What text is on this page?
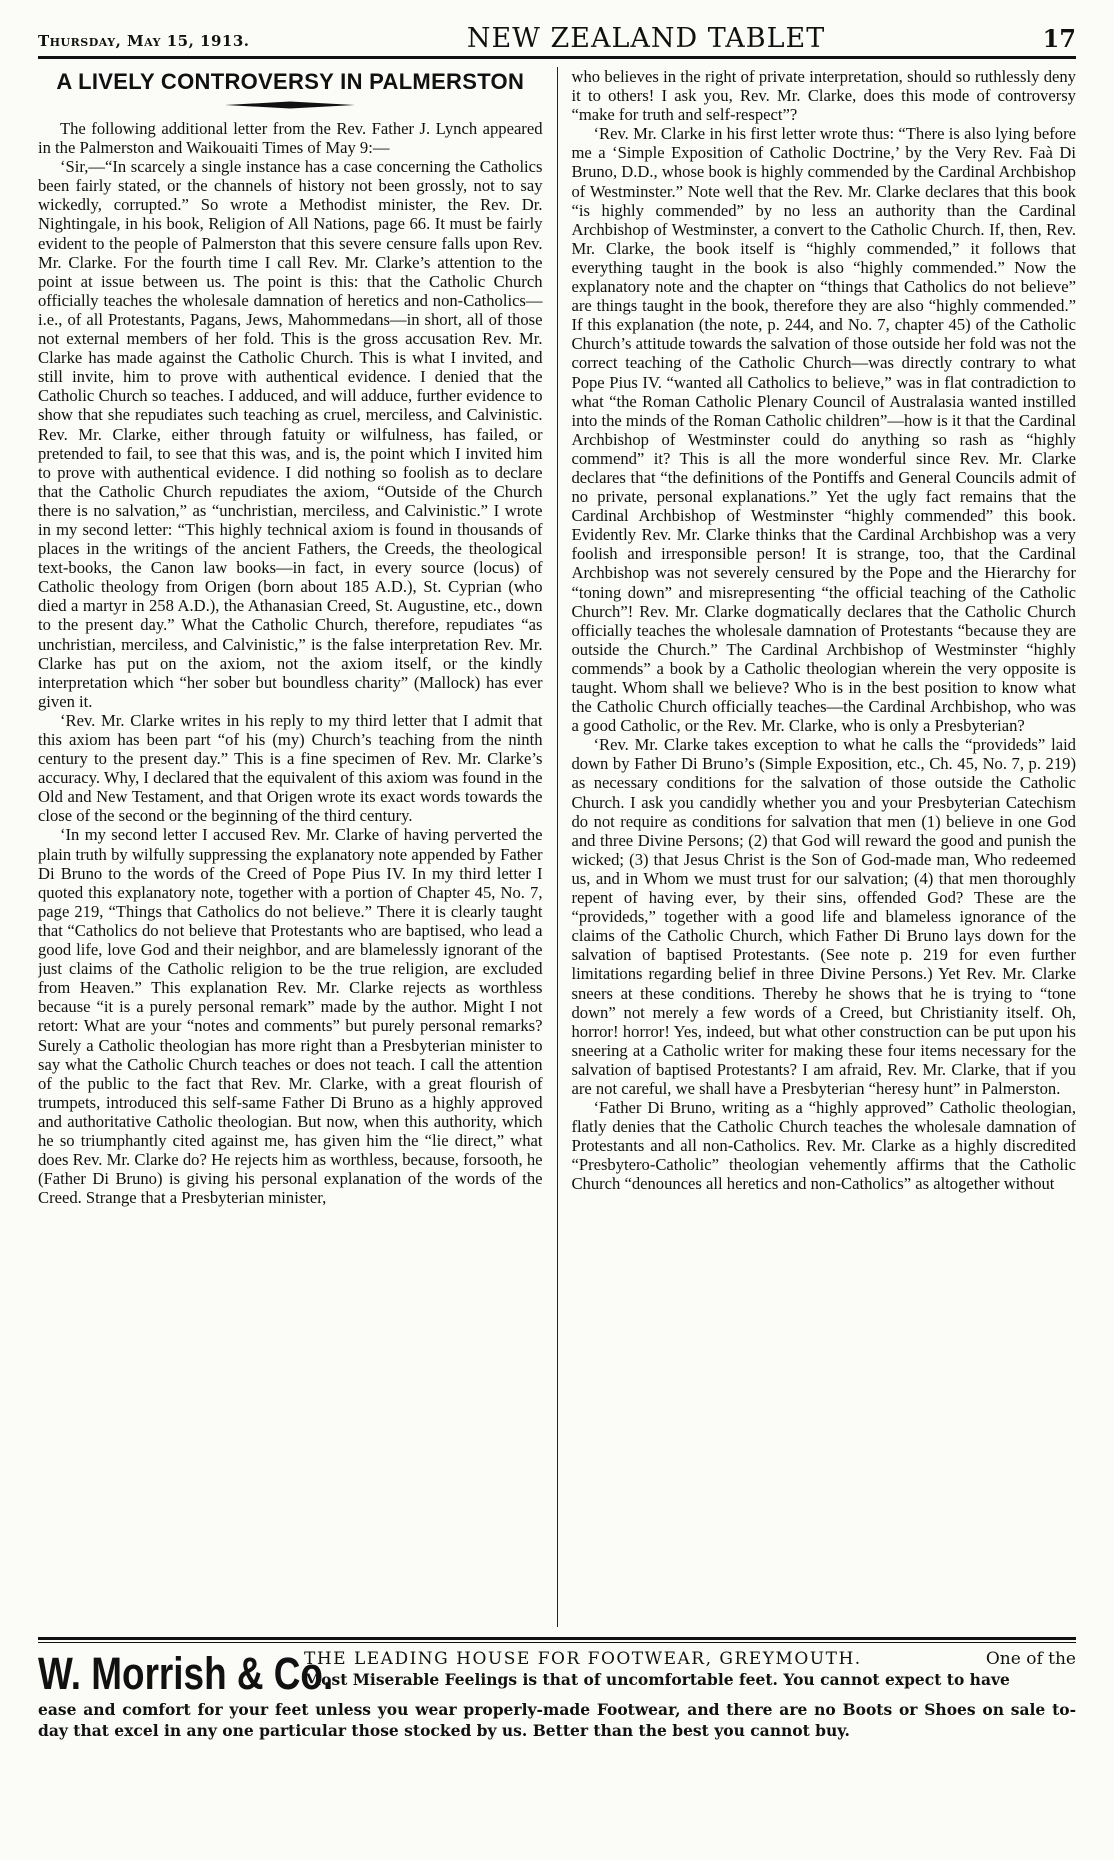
Thursday, May 15, 1913.	NEW ZEALAND TABLET	17
A LIVELY CONTROVERSY IN PALMERSTON

The following additional letter from the Rev. Father J. Lynch appeared in the Palmerston and Waikouaiti Times of May 9:—

‘Sir,—“In scarcely a single instance has a case concerning the Catholics been fairly stated, or the channels of history not been grossly, not to say wickedly, corrupted.” So wrote a Methodist minister, the Rev. Dr. Nightingale, in his book, Religion of All Nations, page 66. It must be fairly evident to the people of Palmerston that this severe censure falls upon Rev. Mr. Clarke. For the fourth time I call Rev. Mr. Clarke’s attention to the point at issue between us. The point is this: that the Catholic Church officially teaches the wholesale damnation of heretics and non-Catholics—i.e., of all Protestants, Pagans, Jews, Mahommedans—in short, all of those not external members of her fold. This is the gross accusation Rev. Mr. Clarke has made against the Catholic Church. This is what I invited, and still invite, him to prove with authentical evidence. I denied that the Catholic Church so teaches. I adduced, and will adduce, further evidence to show that she repudiates such teaching as cruel, merciless, and Calvinistic. Rev. Mr. Clarke, either through fatuity or wilfulness, has failed, or pretended to fail, to see that this was, and is, the point which I invited him to prove with authentical evidence. I did nothing so foolish as to declare that the Catholic Church repudiates the axiom, “Outside of the Church there is no salvation,” as “unchristian, merciless, and Calvinistic.” I wrote in my second letter: “This highly technical axiom is found in thousands of places in the writings of the ancient Fathers, the Creeds, the theological text-books, the Canon law books—in fact, in every source (locus) of Catholic theology from Origen (born about 185 A.D.), St. Cyprian (who died a martyr in 258 A.D.), the Athanasian Creed, St. Augustine, etc., down to the present day.” What the Catholic Church, therefore, repudiates “as unchristian, merciless, and Calvinistic,” is the false interpretation Rev. Mr. Clarke has put on the axiom, not the axiom itself, or the kindly interpretation which “her sober but boundless charity” (Mallock) has ever given it.

‘Rev. Mr. Clarke writes in his reply to my third letter that I admit that this axiom has been part “of his (my) Church’s teaching from the ninth century to the present day.” This is a fine specimen of Rev. Mr. Clarke’s accuracy. Why, I declared that the equivalent of this axiom was found in the Old and New Testament, and that Origen wrote its exact words towards the close of the second or the beginning of the third century.

‘In my second letter I accused Rev. Mr. Clarke of having perverted the plain truth by wilfully suppressing the explanatory note appended by Father Di Bruno to the words of the Creed of Pope Pius IV. In my third letter I quoted this explanatory note, together with a portion of Chapter 45, No. 7, page 219, “Things that Catholics do not believe.” There it is clearly taught that “Catholics do not believe that Protestants who are baptised, who lead a good life, love God and their neighbor, and are blamelessly ignorant of the just claims of the Catholic religion to be the true religion, are excluded from Heaven.” This explanation Rev. Mr. Clarke rejects as worthless because “it is a purely personal remark” made by the author. Might I not retort: What are your “notes and comments” but purely personal remarks? Surely a Catholic theologian has more right than a Presbyterian minister to say what the Catholic Church teaches or does not teach. I call the attention of the public to the fact that Rev. Mr. Clarke, with a great flourish of trumpets, introduced this self-same Father Di Bruno as a highly approved and authoritative Catholic theologian. But now, when this authority, which he so triumphantly cited against me, has given him the “lie direct,” what does Rev. Mr. Clarke do? He rejects him as worthless, because, forsooth, he (Father Di Bruno) is giving his personal explanation of the words of the Creed. Strange that a Presbyterian minister,

who believes in the right of private interpretation, should so ruthlessly deny it to others! I ask you, Rev. Mr. Clarke, does this mode of controversy “make for truth and self-respect”?

‘Rev. Mr. Clarke in his first letter wrote thus: “There is also lying before me a ‘Simple Exposition of Catholic Doctrine,’ by the Very Rev. Faà Di Bruno, D.D., whose book is highly commended by the Cardinal Archbishop of Westminster.” Note well that the Rev. Mr. Clarke declares that this book “is highly commended” by no less an authority than the Cardinal Archbishop of Westminster, a convert to the Catholic Church. If, then, Rev. Mr. Clarke, the book itself is “highly commended,” it follows that everything taught in the book is also “highly commended.” Now the explanatory note and the chapter on “things that Catholics do not believe” are things taught in the book, therefore they are also “highly commended.” If this explanation (the note, p. 244, and No. 7, chapter 45) of the Catholic Church’s attitude towards the salvation of those outside her fold was not the correct teaching of the Catholic Church—was directly contrary to what Pope Pius IV. “wanted all Catholics to believe,” was in flat contradiction to what “the Roman Catholic Plenary Council of Australasia wanted instilled into the minds of the Roman Catholic children”—how is it that the Cardinal Archbishop of Westminster could do anything so rash as “highly commend” it? This is all the more wonderful since Rev. Mr. Clarke declares that “the definitions of the Pontiffs and General Councils admit of no private, personal explanations.” Yet the ugly fact remains that the Cardinal Archbishop of Westminster “highly commended” this book. Evidently Rev. Mr. Clarke thinks that the Cardinal Archbishop was a very foolish and irresponsible person! It is strange, too, that the Cardinal Archbishop was not severely censured by the Pope and the Hierarchy for “toning down” and misrepresenting “the official teaching of the Catholic Church”! Rev. Mr. Clarke dogmatically declares that the Catholic Church officially teaches the wholesale damnation of Protestants “because they are outside the Church.” The Cardinal Archbishop of Westminster “highly commends” a book by a Catholic theologian wherein the very opposite is taught. Whom shall we believe? Who is in the best position to know what the Catholic Church officially teaches—the Cardinal Archbishop, who was a good Catholic, or the Rev. Mr. Clarke, who is only a Presbyterian?

‘Rev. Mr. Clarke takes exception to what he calls the “provideds” laid down by Father Di Bruno’s (Simple Exposition, etc., Ch. 45, No. 7, p. 219) as necessary conditions for the salvation of those outside the Catholic Church. I ask you candidly whether you and your Presbyterian Catechism do not require as conditions for salvation that men (1) believe in one God and three Divine Persons; (2) that God will reward the good and punish the wicked; (3) that Jesus Christ is the Son of God-made man, Who redeemed us, and in Whom we must trust for our salvation; (4) that men thoroughly repent of having ever, by their sins, offended God? These are the “provideds,” together with a good life and blameless ignorance of the claims of the Catholic Church, which Father Di Bruno lays down for the salvation of baptised Protestants. (See note p. 219 for even further limitations regarding belief in three Divine Persons.) Yet Rev. Mr. Clarke sneers at these conditions. Thereby he shows that he is trying to “tone down” not merely a few words of a Creed, but Christianity itself. Oh, horror! horror! Yes, indeed, but what other construction can be put upon his sneering at a Catholic writer for making these four items necessary for the salvation of baptised Protestants? I am afraid, Rev. Mr. Clarke, that if you are not careful, we shall have a Presbyterian “heresy hunt” in Palmerston.

‘Father Di Bruno, writing as a “highly approved” Catholic theologian, flatly denies that the Catholic Church teaches the wholesale damnation of Protestants and all non-Catholics. Rev. Mr. Clarke as a highly discredited “Presbytero-Catholic” theologian vehemently affirms that the Catholic Church “denounces all heretics and non-Catholics” as altogether without

W. Morrish & Co.
THE LEADING HOUSE FOR FOOTWEAR, GREYMOUTH.	One of the
Most Miserable Feelings is that of uncomfortable feet. You cannot expect to have
ease and comfort for your feet unless you wear properly-made Footwear, and there are no Boots or Shoes on sale to-day that excel in any one particular those stocked by us. Better than the best you cannot buy.
